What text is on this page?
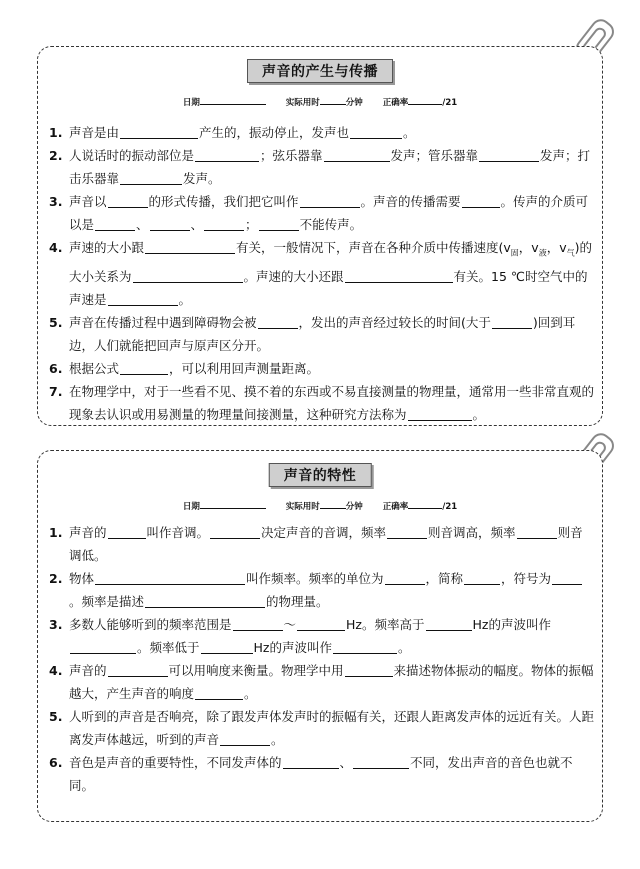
声音的产生与传播
日期	实际用时	分钟 正确率	/21
1. 声音是由	产生的，振动停止，发声也	。
2. 人说话时的振动部位是	；弦乐器靠	发声；管乐器靠	发声；打击乐器靠	发声。
3. 声音以	的形式传播，我们把它叫作	。声音的传播需要	。传声的介质可以是	、	、	；	不能传声。
4. 声速的大小跟	有关，一般情况下，声音在各种介质中传播速度($v_固$，$v_液$，$v_气$)的大小关系为	。声速的大小还跟	有关。15 ℃时空气中的声速是	。
5. 声音在传播过程中遇到障碍物会被	，发出的声音经过较长的时间(大于	)回到耳边，人们就能把回声与原声区分开。
6. 根据公式	，可以利用回声测量距离。
7. 在物理学中，对于一些看不见、摸不着的东西或不易直接测量的物理量，通常用一些非常直观的现象去认识或用易测量的物理量间接测量，这种研究方法称为	。
声音的特性
日期	实际用时	分钟 正确率	/21
1. 声音的	叫作音调。	决定声音的音调，频率	则音调高，频率	则音调低。
2. 物体	叫作频率。频率的单位为	，简称	，符号为。频率是描述	的物理量。
3. 多数人能够听到的频率范围是	～	Hz。频率高于	Hz的声波叫作。频率低于	Hz的声波叫作	。
4. 声音的	可以用响度来衡量。物理学中用	来描述物体振动的幅度。物体的振幅越大，产生声音的响度	。
5. 人听到的声音是否响亮，除了跟发声体发声时的振幅有关，还跟人距离发声体的远近有关。人距离发声体越远，听到的声音	。
6. 音色是声音的重要特性，不同发声体的	、	不同，发出声音的音色也就不同。
